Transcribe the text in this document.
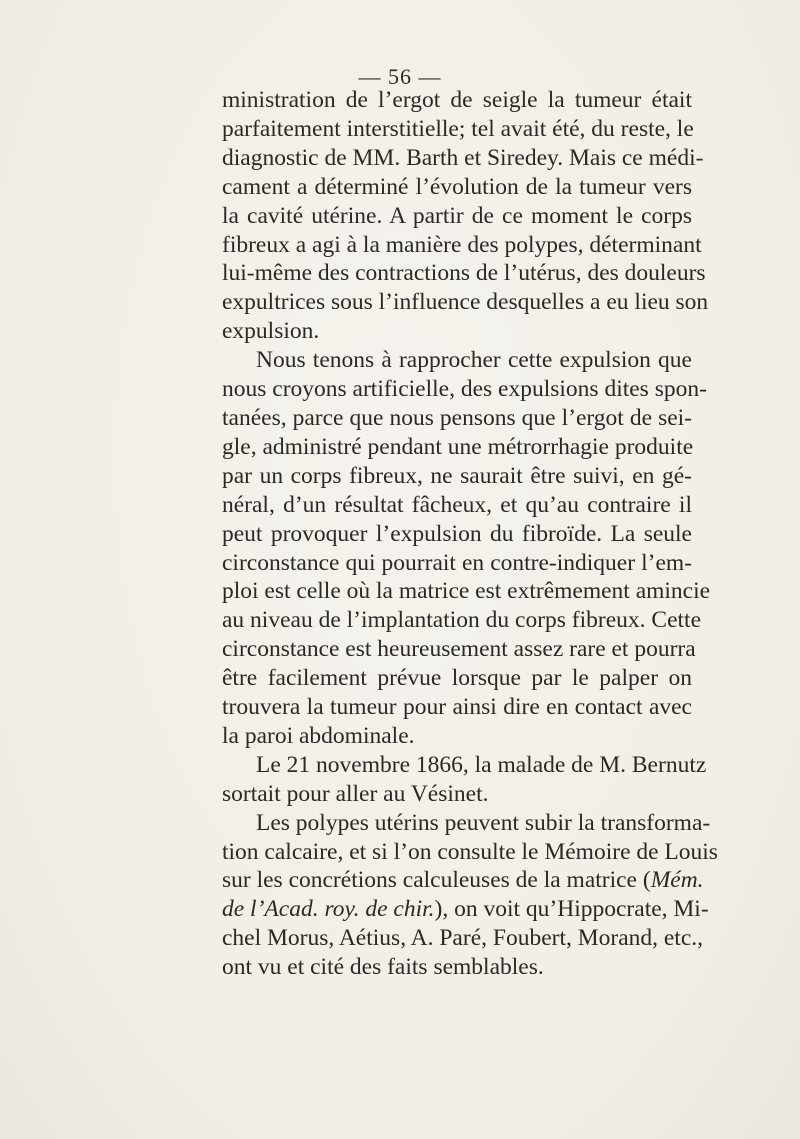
— 56 —
ministration de l’ergot de seigle la tumeur était
parfaitement interstitielle; tel avait été, du reste, le
diagnostic de MM. Barth et Siredey. Mais ce médi-
cament a déterminé l’évolution de la tumeur vers
la cavité utérine. A partir de ce moment le corps
fibreux a agi à la manière des polypes, déterminant
lui-même des contractions de l’utérus, des douleurs
expultrices sous l’influence desquelles a eu lieu son
expulsion.
Nous tenons à rapprocher cette expulsion que
nous croyons artificielle, des expulsions dites spon-
tanées, parce que nous pensons que l’ergot de sei-
gle, administré pendant une métrorrhagie produite
par un corps fibreux, ne saurait être suivi, en gé-
néral, d’un résultat fâcheux, et qu’au contraire il
peut provoquer l’expulsion du fibroïde. La seule
circonstance qui pourrait en contre-indiquer l’em-
ploi est celle où la matrice est extrêmement amincie
au niveau de l’implantation du corps fibreux. Cette
circonstance est heureusement assez rare et pourra
être facilement prévue lorsque par le palper on
trouvera la tumeur pour ainsi dire en contact avec
la paroi abdominale.
Le 21 novembre 1866, la malade de M. Bernutz
sortait pour aller au Vésinet.
Les polypes utérins peuvent subir la transforma-
tion calcaire, et si l’on consulte le Mémoire de Louis
sur les concrétions calculeuses de la matrice (Mém.
de l’Acad. roy. de chir.), on voit qu’Hippocrate, Mi-
chel Morus, Aétius, A. Paré, Foubert, Morand, etc.,
ont vu et cité des faits semblables.
